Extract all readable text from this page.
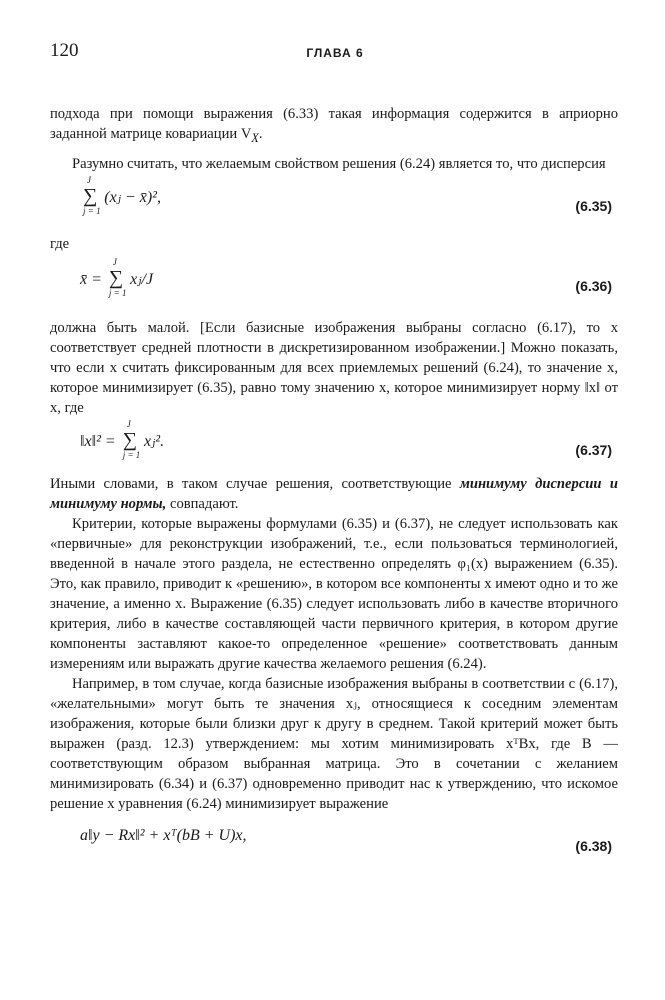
120	ГЛАВА 6

подхода при помощи выражения (6.33) такая информация содержится в априорно заданной матрице ковариации $V_X$.

Разумно считать, что желаемым свойством решения (6.24) является то, что дисперсия

∑
J
j = 1
(xⱼ − x̄)²,	(6.35)

где

x̄ = ∑
J
j = 1
xⱼ/J	(6.36)

должна быть малой. [Если базисные изображения выбраны согласно (6.17), то x соответствует средней плотности в дискретизированном изображении.] Можно показать, что если x считать фиксированным для всех приемлемых решений (6.24), то значение x, которое минимизирует (6.35), равно тому значению x, которое минимизирует норму ‖x‖ от x, где

‖x‖² = ∑
J
j = 1
xⱼ².	(6.37)

Иными словами, в таком случае решения, соответствующие минимуму дисперсии и минимуму нормы, совпадают.

Критерии, которые выражены формулами (6.35) и (6.37), не следует использовать как «первичные» для реконструкции изображений, т.е., если пользоваться терминологией, введенной в начале этого раздела, не естественно определять φ₁(x) выражением (6.35). Это, как правило, приводит к «решению», в котором все компоненты x имеют одно и то же значение, а именно x. Выражение (6.35) следует использовать либо в качестве вторичного критерия, либо в качестве составляющей части первичного критерия, в котором другие компоненты заставляют какое-то определенное «решение» соответствовать данным измерениям или выражать другие качества желаемого решения (6.24).

Например, в том случае, когда базисные изображения выбраны в соответствии с (6.17), «желательными» могут быть те значения xⱼ, относящиеся к соседним элементам изображения, которые были близки друг к другу в среднем. Такой критерий может быть выражен (разд. 12.3) утверждением: мы хотим минимизировать xᵀBx, где B — соответствующим образом выбранная матрица. Это в сочетании с желанием минимизировать (6.34) и (6.37) одновременно приводит нас к утверждению, что искомое решение x уравнения (6.24) минимизирует выражение

a‖y − Rx‖² + xᵀ(bB + U)x,
(6.38)
